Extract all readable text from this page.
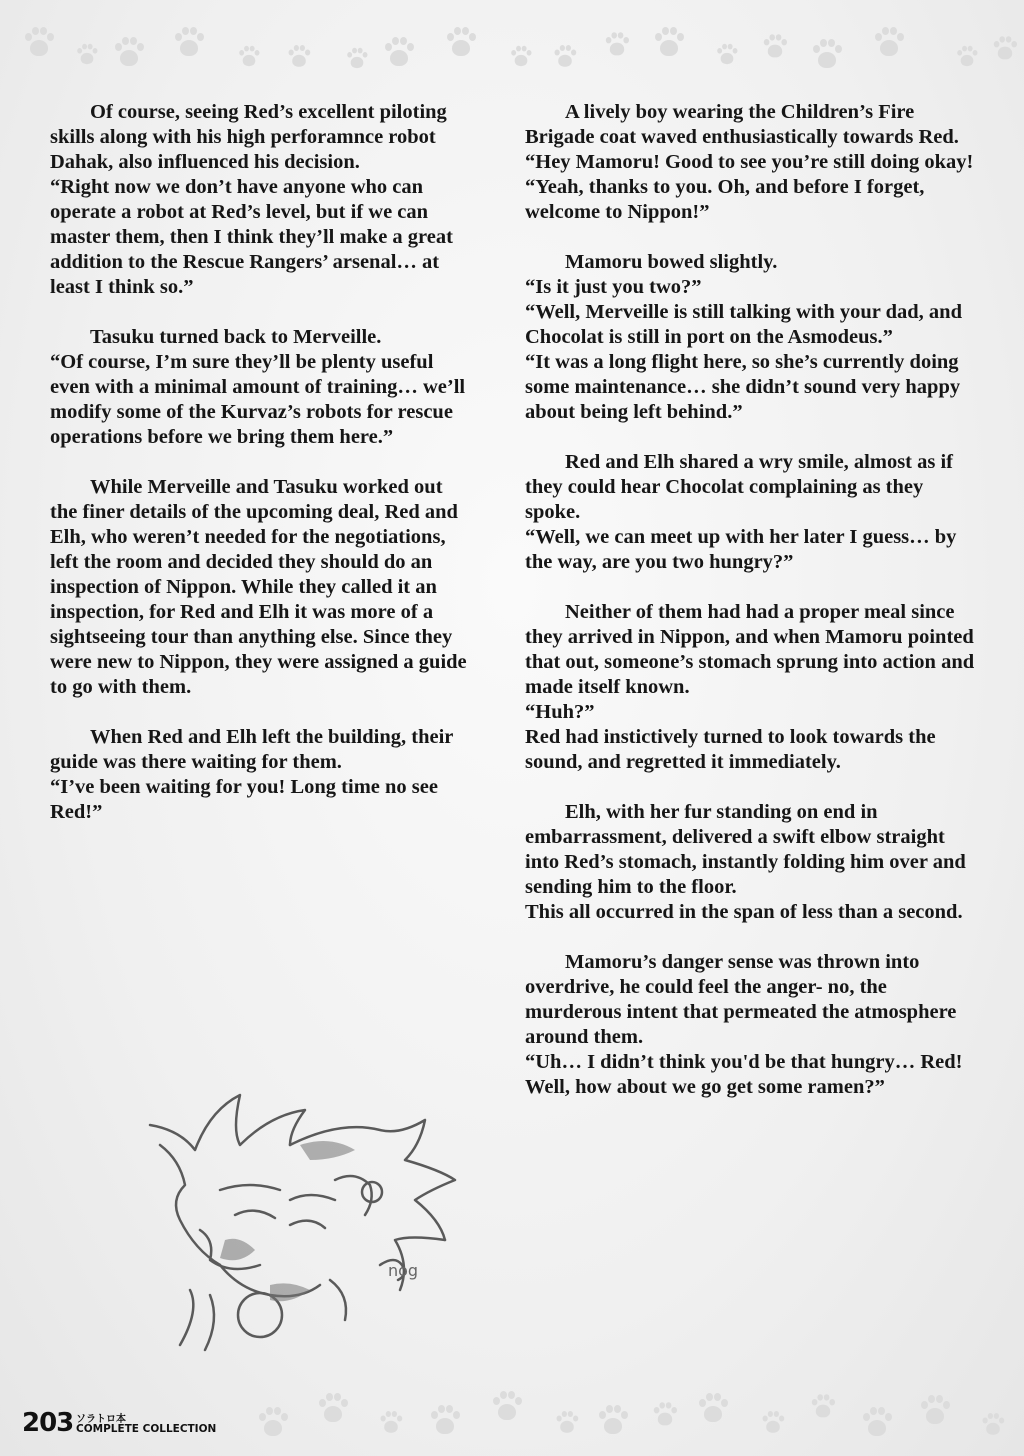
Of course, seeing Red’s excellent piloting skills along with his high perforamnce robot Dahak, also influenced his decision.
“Right now we don’t have anyone who can operate a robot at Red’s level, but if we can master them, then I think they’ll make a great addition to the Rescue Rangers’ arsenal… at least I think so.”

Tasuku turned back to Merveille.
“Of course, I’m sure they’ll be plenty useful even with a minimal amount of training… we’ll modify some of the Kurvaz’s robots for rescue operations before we bring them here.”

While Merveille and Tasuku worked out the finer details of the upcoming deal, Red and Elh, who weren’t needed for the negotiations, left the room and decided they should do an inspection of Nippon. While they called it an inspection, for Red and Elh it was more of a sightseeing tour than anything else. Since they were new to Nippon, they were assigned a guide to go with them.

When Red and Elh left the building, their guide was there waiting for them.
“I’ve been waiting for you! Long time no see Red!”

A lively boy wearing the Children’s Fire Brigade coat waved enthusiastically towards Red.
“Hey Mamoru! Good to see you’re still doing okay!
“Yeah, thanks to you. Oh, and before I forget, welcome to Nippon!”

Mamoru bowed slightly.
“Is it just you two?”
“Well, Merveille is still talking with your dad, and Chocolat is still in port on the Asmodeus.”
“It was a long flight here, so she’s currently doing some maintenance… she didn’t sound very happy about being left behind.”

Red and Elh shared a wry smile, almost as if they could hear Chocolat complaining as they spoke.
“Well, we can meet up with her later I guess… by the way, are you two hungry?”

Neither of them had had a proper meal since they arrived in Nippon, and when Mamoru pointed that out, someone’s stomach sprung into action and made itself known.
“Huh?”
Red had instictively turned to look towards the sound, and regretted it immediately.

Elh, with her fur standing on end in embarrassment, delivered a swift elbow straight into Red’s stomach, instantly folding him over and sending him to the floor.
This all occurred in the span of less than a second.

Mamoru’s danger sense was thrown into overdrive, he could feel the anger- no, the murderous intent that permeated the atmosphere around them.
“Uh… I didn’t think you'd be that hungry… Red! Well, how about we go get some ramen?”

nog
203 ソラトロ本
COMPLETE COLLECTION
